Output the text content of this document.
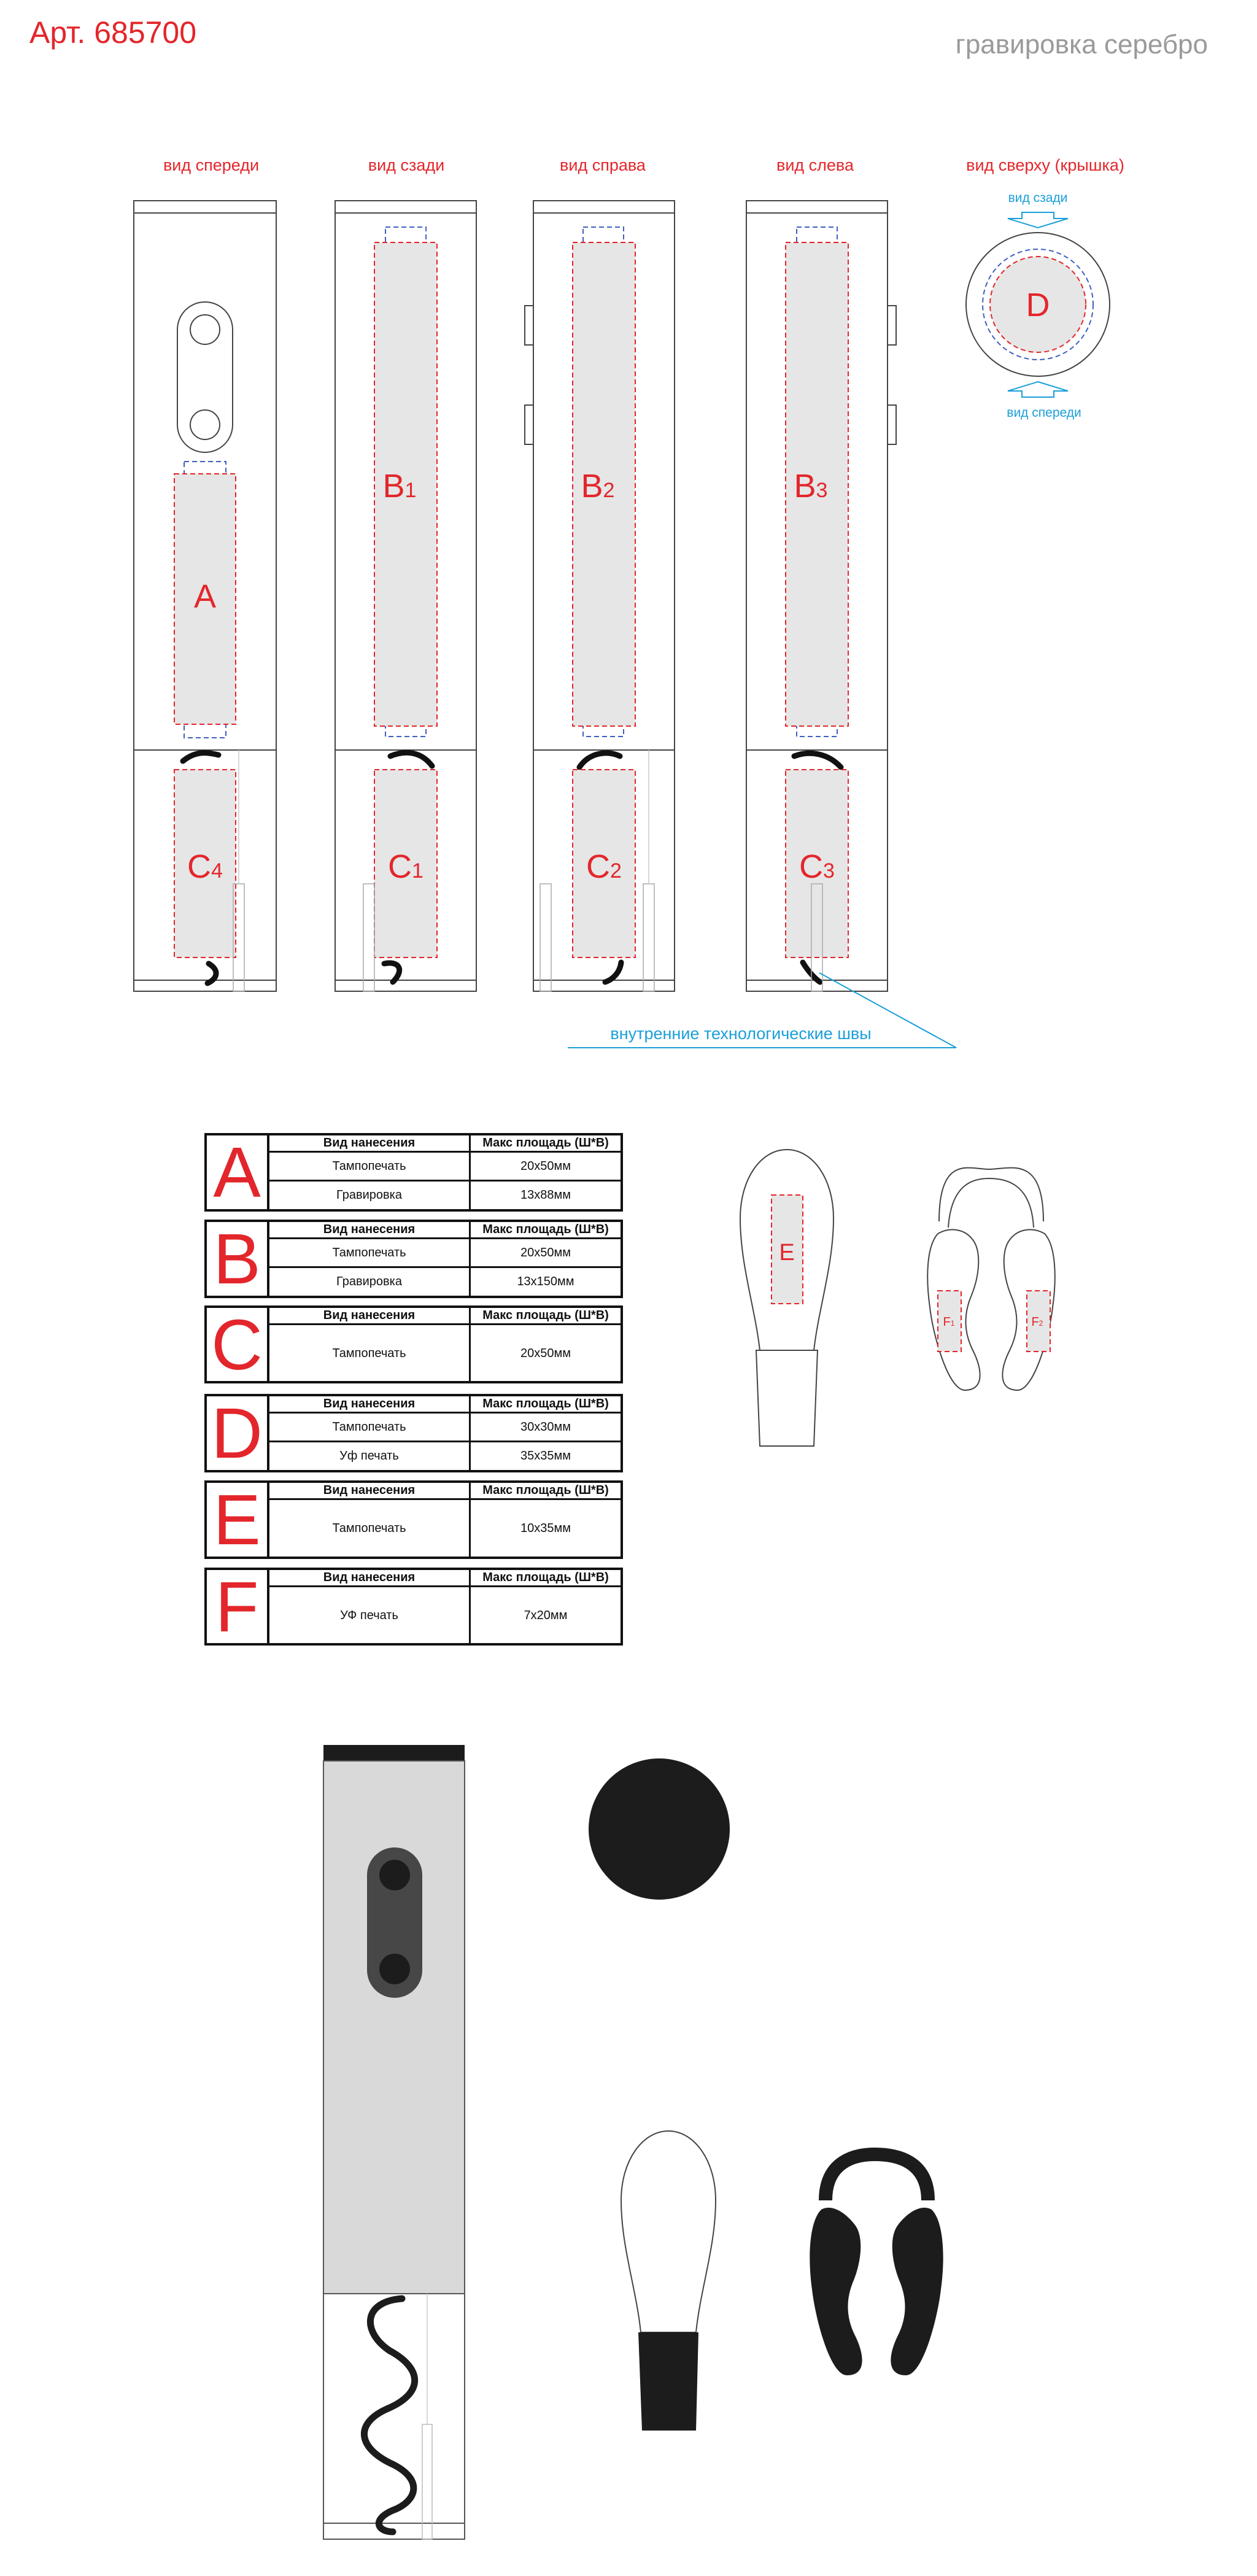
Арт. 685700	гравировка серебро
вид спереди	вид сзади	вид справа	вид слева	вид сверху (крышка)
A
B1	B2	B3
C4	C1	C2	C3
D
E
F1	F2
вид сзади
вид спереди
внутренние технологические швы
A	Вид нанесения	Макс площадь (Ш*В)
Тампопечать	20x50мм
Гравировка	13x88мм
B	Вид нанесения	Макс площадь (Ш*В)
Тампопечать	20x50мм
Гравировка	13x150мм
C	Вид нанесения	Макс площадь (Ш*В)
Тампопечать	20x50мм
D	Вид нанесения	Макс площадь (Ш*В)
Тампопечать	30x30мм
Уф печать	35x35мм
E	Вид нанесения	Макс площадь (Ш*В)
Тампопечать	10x35мм
F	Вид нанесения	Макс площадь (Ш*В)
УФ печать	7x20мм
